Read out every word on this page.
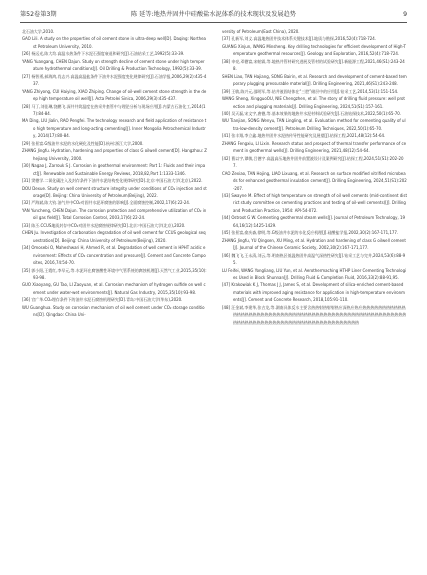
第52卷第3期	陈 延等:地热井固井中硅酸盐水泥体系的技术现状及发展趋势	9

北石油大学,2010.

GAO Lili. A study on the properties of oil cement stone in ultra-deep well[D]. Daqing: Northeast Petroleum University, 2010.

[26] 杨远光,陈大均.高温水热条件下水泥石强度衰退和研究[J].石油钻采工艺,1992(5):33-39.

YANG Yuangang, CHEN Dajun. Study on strength decline of cement stone under high temperature hydrothermal conditions[J]. Oil Drilling & Production Technology, 1992(5):33-39.

[27] 杨智勇,郝海鸿,肖志兴.高温高温盐条件下油井水泥强度变化规律研究[J].石油学报,2006,29(2):435-437.

YANG Zhiyong, CUI Haiying, XIAO Zhiping. Change of oil-well cement stone strength in the deep high temperature oil well[J]. Acta Petrolei Sinica, 2006,29(3):435-437.

[28] 马丁,刘佳琳,饶鹏飞.深井井筒温度在热采井套管中与理论分析与现场应用[J].内蒙古石油化工,2014(17):84-84.

MA Ding, LIU Jialin, RAO Pengfei. The technology research and field application of resistance to high temperature and long-acting cementing[J]. Inner Mongolia Petrochemical Industry, 2014(17):80-84.

[29] 张景富.G级油井水泥的水化硬化及性能[D].杭州:浙江大学,2000.

ZHANG Jingfu. Hydration, hardening and properties of class G oilwell cement[D]. Hangzhou: Zhejiang University, 2000.

[30] Nagao J, Zarrouk S J. Corrosion in geothermal environment: Part 1: Fluids and their impact[J]. Renewable and Sustainable Energy Reviews, 2018,82,Part 1:1333-1346.

[31] 窦德学.二氧化碳注入及封存条件下油井水泥结构变化规律研究[D].北京:中国石油大学(北京),2022.

DOU Dexue. Study on well cement structure integrity under conditions of CO₂ injection and storage[D]. Beijing: China University of Petroleum(Beijing), 2022.

[32] 严海斌,陈大钧.油气井中CO₂对固井水泥环腐蚀的影响[J].全面腐蚀控制,2002,17(6):22-24.

YAN Yuncheng, CHEN Dajun. The corrosion protection and comprehensive utilization of CO₂ in oil gas field[J]. Total Corrosion Control, 2003,17(6):22-24.

[33] 陈丕.CCUS地质封存中CO₂对固井水泥腐蚀规律研究[D].北京:中国石油大学(北京),2020.

CHEN Ju. Investigation of carbonation degradation of oil well cement for CCUS geological sequestration[D]. Beijing: China University of Petroleum(Beijing), 2020.

[34] Omosebi O, Maheshwari H, Ahmed R, et al. Degradation of well cement in HPHT acidic environment: Effects of CO₂ concentration and pressure[J]. Cement and Concrete Composites, 2016,74:54-70.

[35] 郭小阳,王霞红,李早元,等.水泥环在腐蚀酸性环境中气管系统的腐蚀机理[J].天然气工业,2015,35(10):93-98.

GUO Xiaoyang, GU Tao, LI Zaoyuan, et al. Corrosion mechanism of hydrogen sulfide on well cement under water-wet environments[J]. Natural Gas Industry, 2015,35(10):93-98.

[36] 官广华.CO₂埋存条件下的油井水泥石腐蚀机理研究[D].青岛:中国石油大学(华东),2020.

WU Guanghua. Study on corrosion mechanism of oil well cement under CO₂ storage conditions[D]. Qingdao: China Uni-

versity of Petroleum(East China), 2020.

[37] 孔新军,刘义.高温地热固井技术体系关键技术[J].地质与勘探,2016,52(4):718-724.

GUANG Xinjun, WANG Minsheng. Key drilling technologies for efficient development of High-Temperature geothermal resources[J]. Geology and Exploration, 2016,52(4):718-724.

[38] 申亮,邓德富,宋帕霖,等.地热井管材研究进展及管材的试验研究[J].新能源工程,2021,46(S1):243-248.

SHEN Liao, TAN Hajiang, SONG Bairin, et al. Research and development of cement-based temporary plugging pressurable material[J]. Drilling Engineering, 2021,46(S1):243-248.

[39] 王敏,陈兴元,邵明军,等.钻井液固结体在“三腔”储层中的应用[J].钻采工艺,2014,53(1):151-154.

WANG Sheng, XingguoOU, NIE Chengzhen, et al. The story of drilling fluid pressure: well protection and plugging materials[J]. Drilling Engineering, 2024,51(S1):157-161.

[40] 吴天磊,宋文宇,唐德,等.基本效果的地热井水泥材料试验研究[J].石油钻探技术,2022,50(1):65-70.

WU Tianjian, SONG Wenyu, TAN Lingling, et al. Evaluation method for cementing quality of ultra-low-density cement[J]. Petroleum Drilling Techniques, 2022,50(1):65-70.

[41] 张丰翔,李立鑫.地热井固井水泥热传导性能研究及展望[J].钻探工程,2021,48(12):54-64.

ZHANG Fengxiu, LI Lixin. Research status and prospect of thermal transfer performance of cement in geothermal wells[J]. Drilling Engineering, 2021,48(12):54-64.

[42] 曹以宇,谭敏,吕德宇.高温高压地热井固井前置液设计及案例研究[J].钻探工程,2024,51(S1):202-207.

CAO Zexiao, TAN Hojing, LIAO Lixuang, et al. Research on surface modified vitrified microbeads for enhanced geothermal insulation cement[J]. Drilling Engineering, 2024,51(S1):202-207.

[43] Swayne M. Effect of high temperature on strength of oil well cements (mid-continent district study committee on cementing practices and testing of oil-well cements)[J]. Drilling and Production Practice, 1954: API-54-072.

[44] Ostroot G W. Cementing geothermal steam wells[J]. Journal of Petroleum Technology, 1964,16(12):1425-1429.

[45] 张景富,俞庆森,徐明,等.G级油井水泥的水化反应机理[J].硅酸盐学报,2002,30(2):167-171,177.

ZHANG Jingfu, YU Qingsen, XU Ming, et al. Hydration and hardening of class G oilwell cement[J]. Journal of the Chinese Ceramic Society, 2002,30(2):167-171,177.

[46] 魏飞飞,王永清,刘云,等.明南热区低温热固井高温气深热性研究[J].钻采工艺与完井,2024,53(6):88-95.

LU Feifei, WANG Yongliang, LIU Yun, et al. Aerothermaching HTHP Liner Cementing Technologies Used in Block Shunnan[J]. Drilling Fluid & Completion Fluid, 2016,33(2):88-91,95.

[47] Krakowiak K J, Thomas J J, James S, et al. Development of silica-enriched cement-based materials with improved aging resistance for application in high-temperature environments[J]. Cement and Concrete Research, 2018,105:91-110.

[48] 汪金斌,李建华,张吉龙,等.湖南具体反水主要含热热射热射射热应深热应热应热热热热热热热热热热热热热热热热热热热热热热热热热热热热热热热热热热热热热热热热热热热热热热热热热热热热热热热热热热热热热热热热热热热热热热热热热热热热热热热热热热热热热热热
